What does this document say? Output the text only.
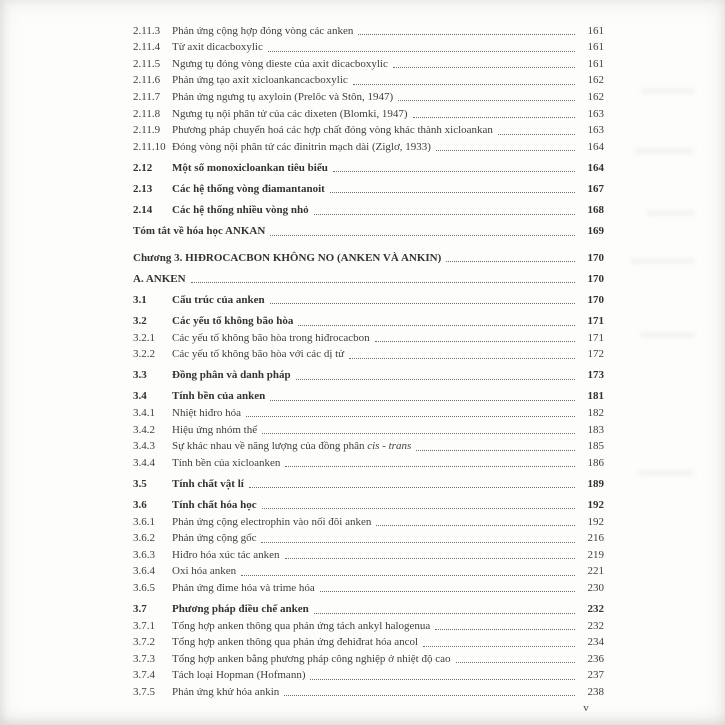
2.11.3	Phản ứng cộng hợp đóng vòng các anken	161
2.11.4	Từ axit dicacboxylic	161
2.11.5	Ngưng tụ đóng vòng dieste của axit dicacboxylic	161
2.11.6	Phản ứng tạo axit xicloankancacboxylic	162
2.11.7	Phản ứng ngưng tụ axyloin (Prelôc và Stôn, 1947)	162
2.11.8	Ngưng tụ nội phân tử của các dixeten (Blomki, 1947)	163
2.11.9	Phương pháp chuyển hoá các hợp chất đóng vòng khác thành xicloankan	163
2.11.10 Đóng vòng nội phân tử các đinitrin mạch dài (Ziglơ, 1933)	164
2.12	Một số monoxicloankan tiêu biểu	164
2.13	Các hệ thống vòng điamantanoit	167
2.14	Các hệ thống nhiều vòng nhỏ	168
Tóm tắt về hóa học ANKAN	169
Chương 3. HIĐROCACBON KHÔNG NO (ANKEN VÀ ANKIN)	170
A. ANKEN	170
3.1	Cấu trúc của anken	170
3.2	Các yếu tố không bão hòa	171
3.2.1	Các yếu tố không bão hòa trong hiđrocacbon	171
3.2.2	Các yếu tố không bão hòa với các dị tử	172
3.3	Đồng phân và danh pháp	173
3.4	Tính bền của anken	181
3.4.1	Nhiệt hiđro hóa	182
3.4.2	Hiệu ứng nhóm thế	183
3.4.3	Sự khác nhau về năng lượng của đồng phân cis - trans	185
3.4.4	Tính bền của xicloanken	186
3.5	Tính chất vật lí	189
3.6	Tính chất hóa học	192
3.6.1	Phản ứng cộng electrophin vào nối đôi anken	192
3.6.2	Phản ứng cộng gốc	216
3.6.3	Hiđro hóa xúc tác anken	219
3.6.4	Oxi hóa anken	221
3.6.5	Phản ứng đime hóa và trime hóa	230
3.7	Phương pháp điều chế anken	232
3.7.1	Tổng hợp anken thông qua phản ứng tách ankyl halogenua	232
3.7.2	Tổng hợp anken thông qua phản ứng đehiđrat hóa ancol	234
3.7.3	Tổng hợp anken bằng phương pháp công nghiệp ở nhiệt độ cao	236
3.7.4	Tách loại Hopman (Hofmann)	237
3.7.5	Phản ứng khử hóa ankin	238
v
